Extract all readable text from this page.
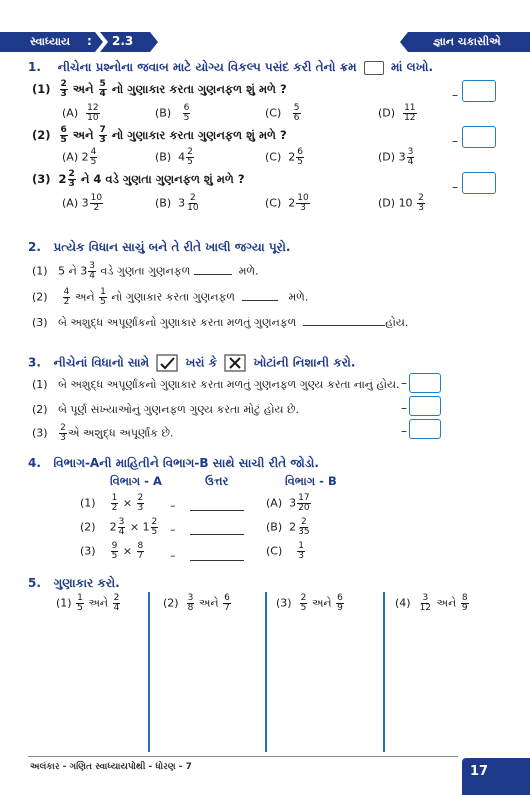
સ્વાધ્યાય : 2.3	જ્ઞાન ચકાસીએ
1. નીચેના પ્રશ્નોના જવાબ માટે યોગ્ય વિકલ્પ પસંદ કરી તેનો ક્રમ	માં લખો.
$(1) \frac{2}{3}$ અને $\frac{5}{4}$ નો ગુણાકાર કરતા ગુણનફળ શું મળે ?
$(A) \frac{12}{10}$	$(B) \frac{6}{5}$	$(C) \frac{5}{6}$	$(D) \frac{11}{12}$
–
$(2) \frac{6}{5}$ અને $\frac{7}{3}$ નો ગુણાકાર કરતા ગુણનફળ શું મળે ?
(A) $2 \frac{4}{5}$	(B) $4 \frac{2}{5}$	(C) $2 \frac{6}{5}$	(D) $3 \frac{3}{4}$
–
(3) $2 \frac{2}{3}$ ને 4 વડે ગુણતા ગુણનફળ શું મળે ?
(A) $3 \frac{10}{2}$	(B) $3 \frac{2}{10}$	(C) $2 \frac{10}{3}$	(D) $10 \frac{2}{3}$
–
2. પ્રત્યેક વિધાન સાચું બને તે રીતે ખાલી જગ્યા પૂરો.
(1) 5 ને $3 \frac{3}{4}$ વડે ગુણતા ગુણનફળ	મળે.
$(2) \frac{4}{2}$ અને $\frac{1}{5}$ નો ગુણાકાર કરતા ગુણનફળ	મળે.
(3) બે અશુદ્ધ અપૂર્ણાંકનો ગુણાકાર કરતા મળતું ગુણનફળ	હોય.
3. નીચેનાં વિધાનો સામે	ખરાં કે	ખોટાંની નિશાની કરો.
(1) બે અશુદ્ધ અપૂર્ણાંકનો ગુણાકાર કરતા મળતું ગુણનફળ ગુણ્ય કરતા નાનું હોય. –
(2) બે પૂર્ણ સંખ્યાઓનું ગુણનફળ ગુણ્ય કરતા મોટું હોય છે.	–
$(3) \frac{2}{3}$ એ અશુદ્ધ અપૂર્ણાંક છે.	–
4. વિભાગ-Aની માહિતીને વિભાગ-B સાથે સાચી રીતે જોડો.
વિભાગ - A	ઉત્તર	વિભાગ - B
$(1) \frac{1}{2} \times \frac{2}{3}$ –	(A) $3 \frac{17}{20}$
(2) $2 \frac{3}{4} \times 1 \frac{2}{5}$ –	(B) $2 \frac{2}{35}$
$(3) \frac{9}{5} \times \frac{8}{7}$ –	$(C) \frac{1}{3}$
5. ગુણાકાર કરો.
$(1) \frac{1}{5}$ અને $\frac{2}{4}$	$(2) \frac{3}{8}$ અને $\frac{6}{7}$	$(3) \frac{2}{5}$ અને $\frac{6}{9}$	$(4) \frac{3}{12}$ અને $\frac{8}{9}$
અલંકાર - ગણિત સ્વાધ્યાયપોથી - ધોરણ - 7	17
